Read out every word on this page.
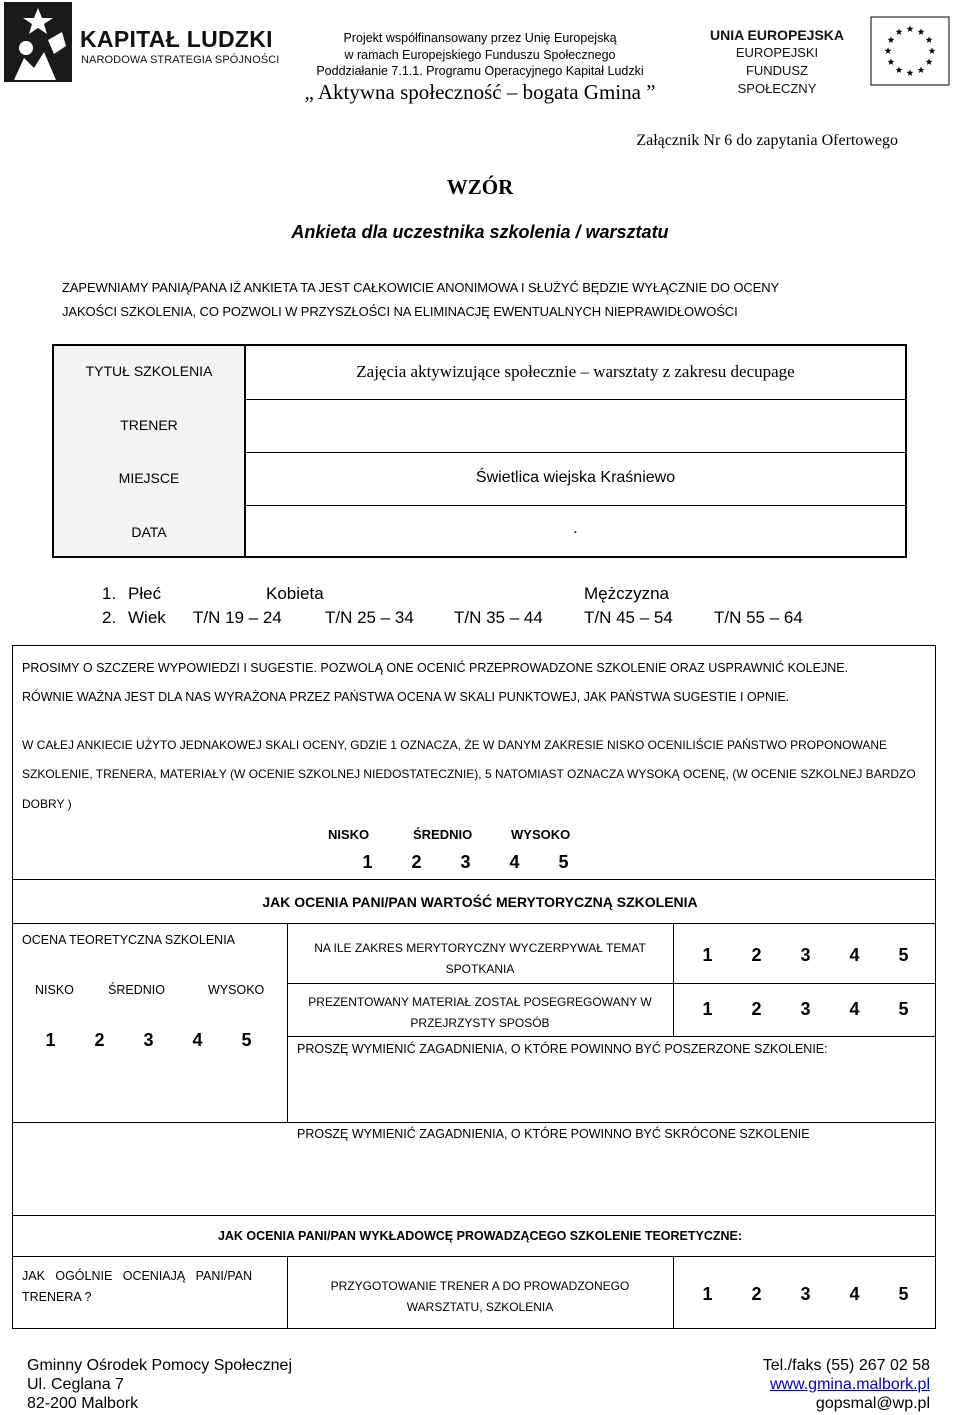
KAPITAŁ LUDZKI
NARODOWA STRATEGIA SPÓJNOŚCI
Projekt współfinansowany przez Unię Europejską
w ramach Europejskiego Funduszu Społecznego
Poddziałanie 7.1.1. Programu Operacyjnego Kapitał Ludzki
„ Aktywna społeczność – bogata Gmina ”
UNIA EUROPEJSKA
EUROPEJSKI
FUNDUSZ SPOŁECZNY
Załącznik Nr 6 do zapytania Ofertowego
WZÓR
Ankieta dla uczestnika szkolenia / warsztatu
ZAPEWNIAMY PANIĄ/PANA IŻ ANKIETA TA JEST CAŁKOWICIE ANONIMOWA I SŁUŻYĆ BĘDZIE WYŁĄCZNIE DO OCENY
JAKOŚCI SZKOLENIA, CO POZWOLI W PRZYSZŁOŚCI NA ELIMINACJĘ EWENTUALNYCH NIEPRAWIDŁOWOŚCI
TYTUŁ SZKOLENIA	Zajęcia aktywizujące społecznie – warsztaty z zakresu decupage
TRENER
MIEJSCE	Świetlica wiejska Kraśniewo
DATA	.
1. Płeć	Kobieta	Mężczyzna
2. Wiek T/N 19 – 24	T/N 25 – 34 T/N 35 – 44 T/N 45 – 54 T/N 55 – 64
PROSIMY O SZCZERE WYPOWIEDZI I SUGESTIE. POZWOLĄ ONE OCENIĆ PRZEPROWADZONE SZKOLENIE ORAZ USPRAWNIĆ KOLEJNE.
RÓWNIE WAŻNA JEST DLA NAS WYRAŻONA PRZEZ PAŃSTWA OCENA W SKALI PUNKTOWEJ, JAK PAŃSTWA SUGESTIE I OPNIE.
W CAŁEJ ANKIECIE UŻYTO JEDNAKOWEJ SKALI OCENY, GDZIE 1 OZNACZA, ŻE W DANYM ZAKRESIE NISKO OCENILIŚCIE PAŃSTWO PROPONOWANE
SZKOLENIE, TRENERA, MATERIAŁY (W OCENIE SZKOLNEJ NIEDOSTATECZNIE), 5 NATOMIAST OZNACZA WYSOKĄ OCENĘ, (W OCENIE SZKOLNEJ BARDZO
DOBRY )
NISKO	ŚREDNIO	WYSOKO
1 2 3 4 5
JAK OCENIA PANI/PAN WARTOŚĆ MERYTORYCZNĄ SZKOLENIA
OCENA TEORETYCZNA SZKOLENIA
NISKO	ŚREDNIO	WYSOKO
1 2 3 4 5
NA ILE ZAKRES MERYTORYCZNY WYCZERPYWAŁ TEMAT
SPOTKANIA
1 2 3 4 5
PREZENTOWANY MATERIAŁ ZOSTAŁ POSEGREGOWANY W
PRZEJRZYSTY SPOSÓB
1 2 3 4 5
PROSZĘ WYMIENIĆ ZAGADNIENIA, O KTÓRE POWINNO BYĆ POSZERZONE SZKOLENIE:
PROSZĘ WYMIENIĆ ZAGADNIENIA, O KTÓRE POWINNO BYĆ SKRÓCONE SZKOLENIE
JAK OCENIA PANI/PAN WYKŁADOWCĘ PROWADZĄCEGO SZKOLENIE TEORETYCZNE:
JAK   OGÓLNIE   OCENIAJĄ   PANI/PAN
TRENERA ?
PRZYGOTOWANIE TRENER A DO PROWADZONEGO
WARSZTATU, SZKOLENIA
1 2 3 4 5
Gminny Ośrodek Pomocy Społecznej
Ul. Ceglana 7
82-200 Malbork
Tel./faks (55) 267 02 58
www.gmina.malbork.pl
gopsmal@wp.pl
